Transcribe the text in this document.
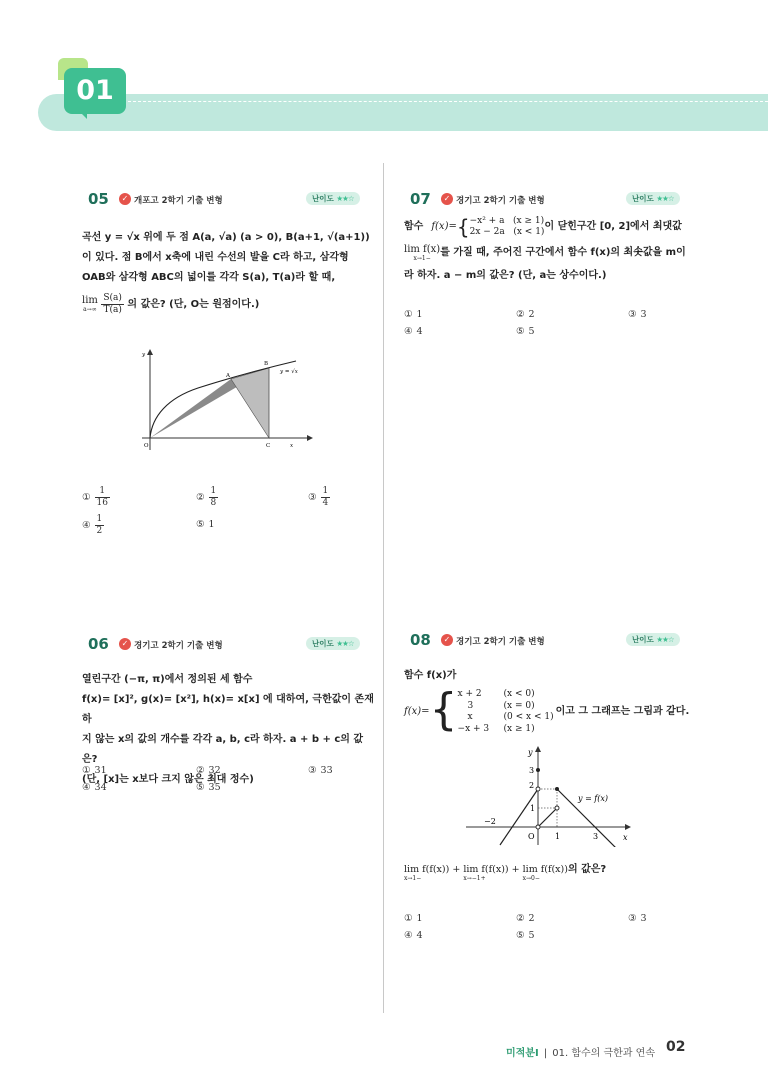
01
05	✓ 개포고 2학기 기출 변형	난이도 ★★☆
곡선 y = √x 위에 두 점 A(a, √a) (a > 0), B(a+1, √(a+1))
이 있다. 점 B에서 x축에 내린 수선의 발을 C라 하고, 삼각형
OAB와 삼각형 ABC의 넓이를 각각 S(a), T(a)라 할 때,
lim
a→∞
$\frac{S(a)}{T(a)}$ 의 값은? (단, O는 원점이다.)
A
B
C
O	x
y
y = √x
① $\frac{1}{16}$	② $\frac{1}{8}$	③ $\frac{1}{4}$
④ $\frac{1}{2}$	⑤ 1
07	✓ 경기고 2학기 기출 변형	난이도 ★★☆
함수 f(x)= { −x² + a (x ≥ 1)
2x − 2a (x < 1) 이 닫힌구간 [0, 2]에서 최댓값
lim f(x)
x→1−
를 가질 때, 주어진 구간에서 함수 f(x)의 최솟값을 m이
라 하자. a − m의 값은? (단, a는 상수이다.)
① 1	② 2	③ 3
④ 4	⑤ 5
06	✓ 경기고 2학기 기출 변형	난이도 ★★☆
열린구간 (−π, π)에서 정의된 세 함수
f(x)= [x]², g(x)= [x²], h(x)= x[x] 에 대하여, 극한값이 존재하
지 않는 x의 값의 개수를 각각 a, b, c라 하자. a + b + c의 값은?
(단, [x]는 x보다 크지 않은 최대 정수)
① 31	② 32	③ 33
④ 34	⑤ 35
08	✓ 경기고 2학기 기출 변형	난이도 ★★☆
함수 f(x)가
f(x)= { x + 2	(x < 0)
3	(x = 0)
x	(0 < x < 1)
−x + 3	(x ≥ 1)
이고 그 그래프는 그림과 같다.
y
x
O
3
2
1
−2
1	3
y = f(x)
lim f(f(x)) +
x→1−
lim f(f(x)) +
x→−1+
lim f(f(x))
x→0−
의 값은?
① 1	② 2	③ 3
④ 4	⑤ 5
미적분Ⅰ | 01. 함수의 극한과 연속 02
